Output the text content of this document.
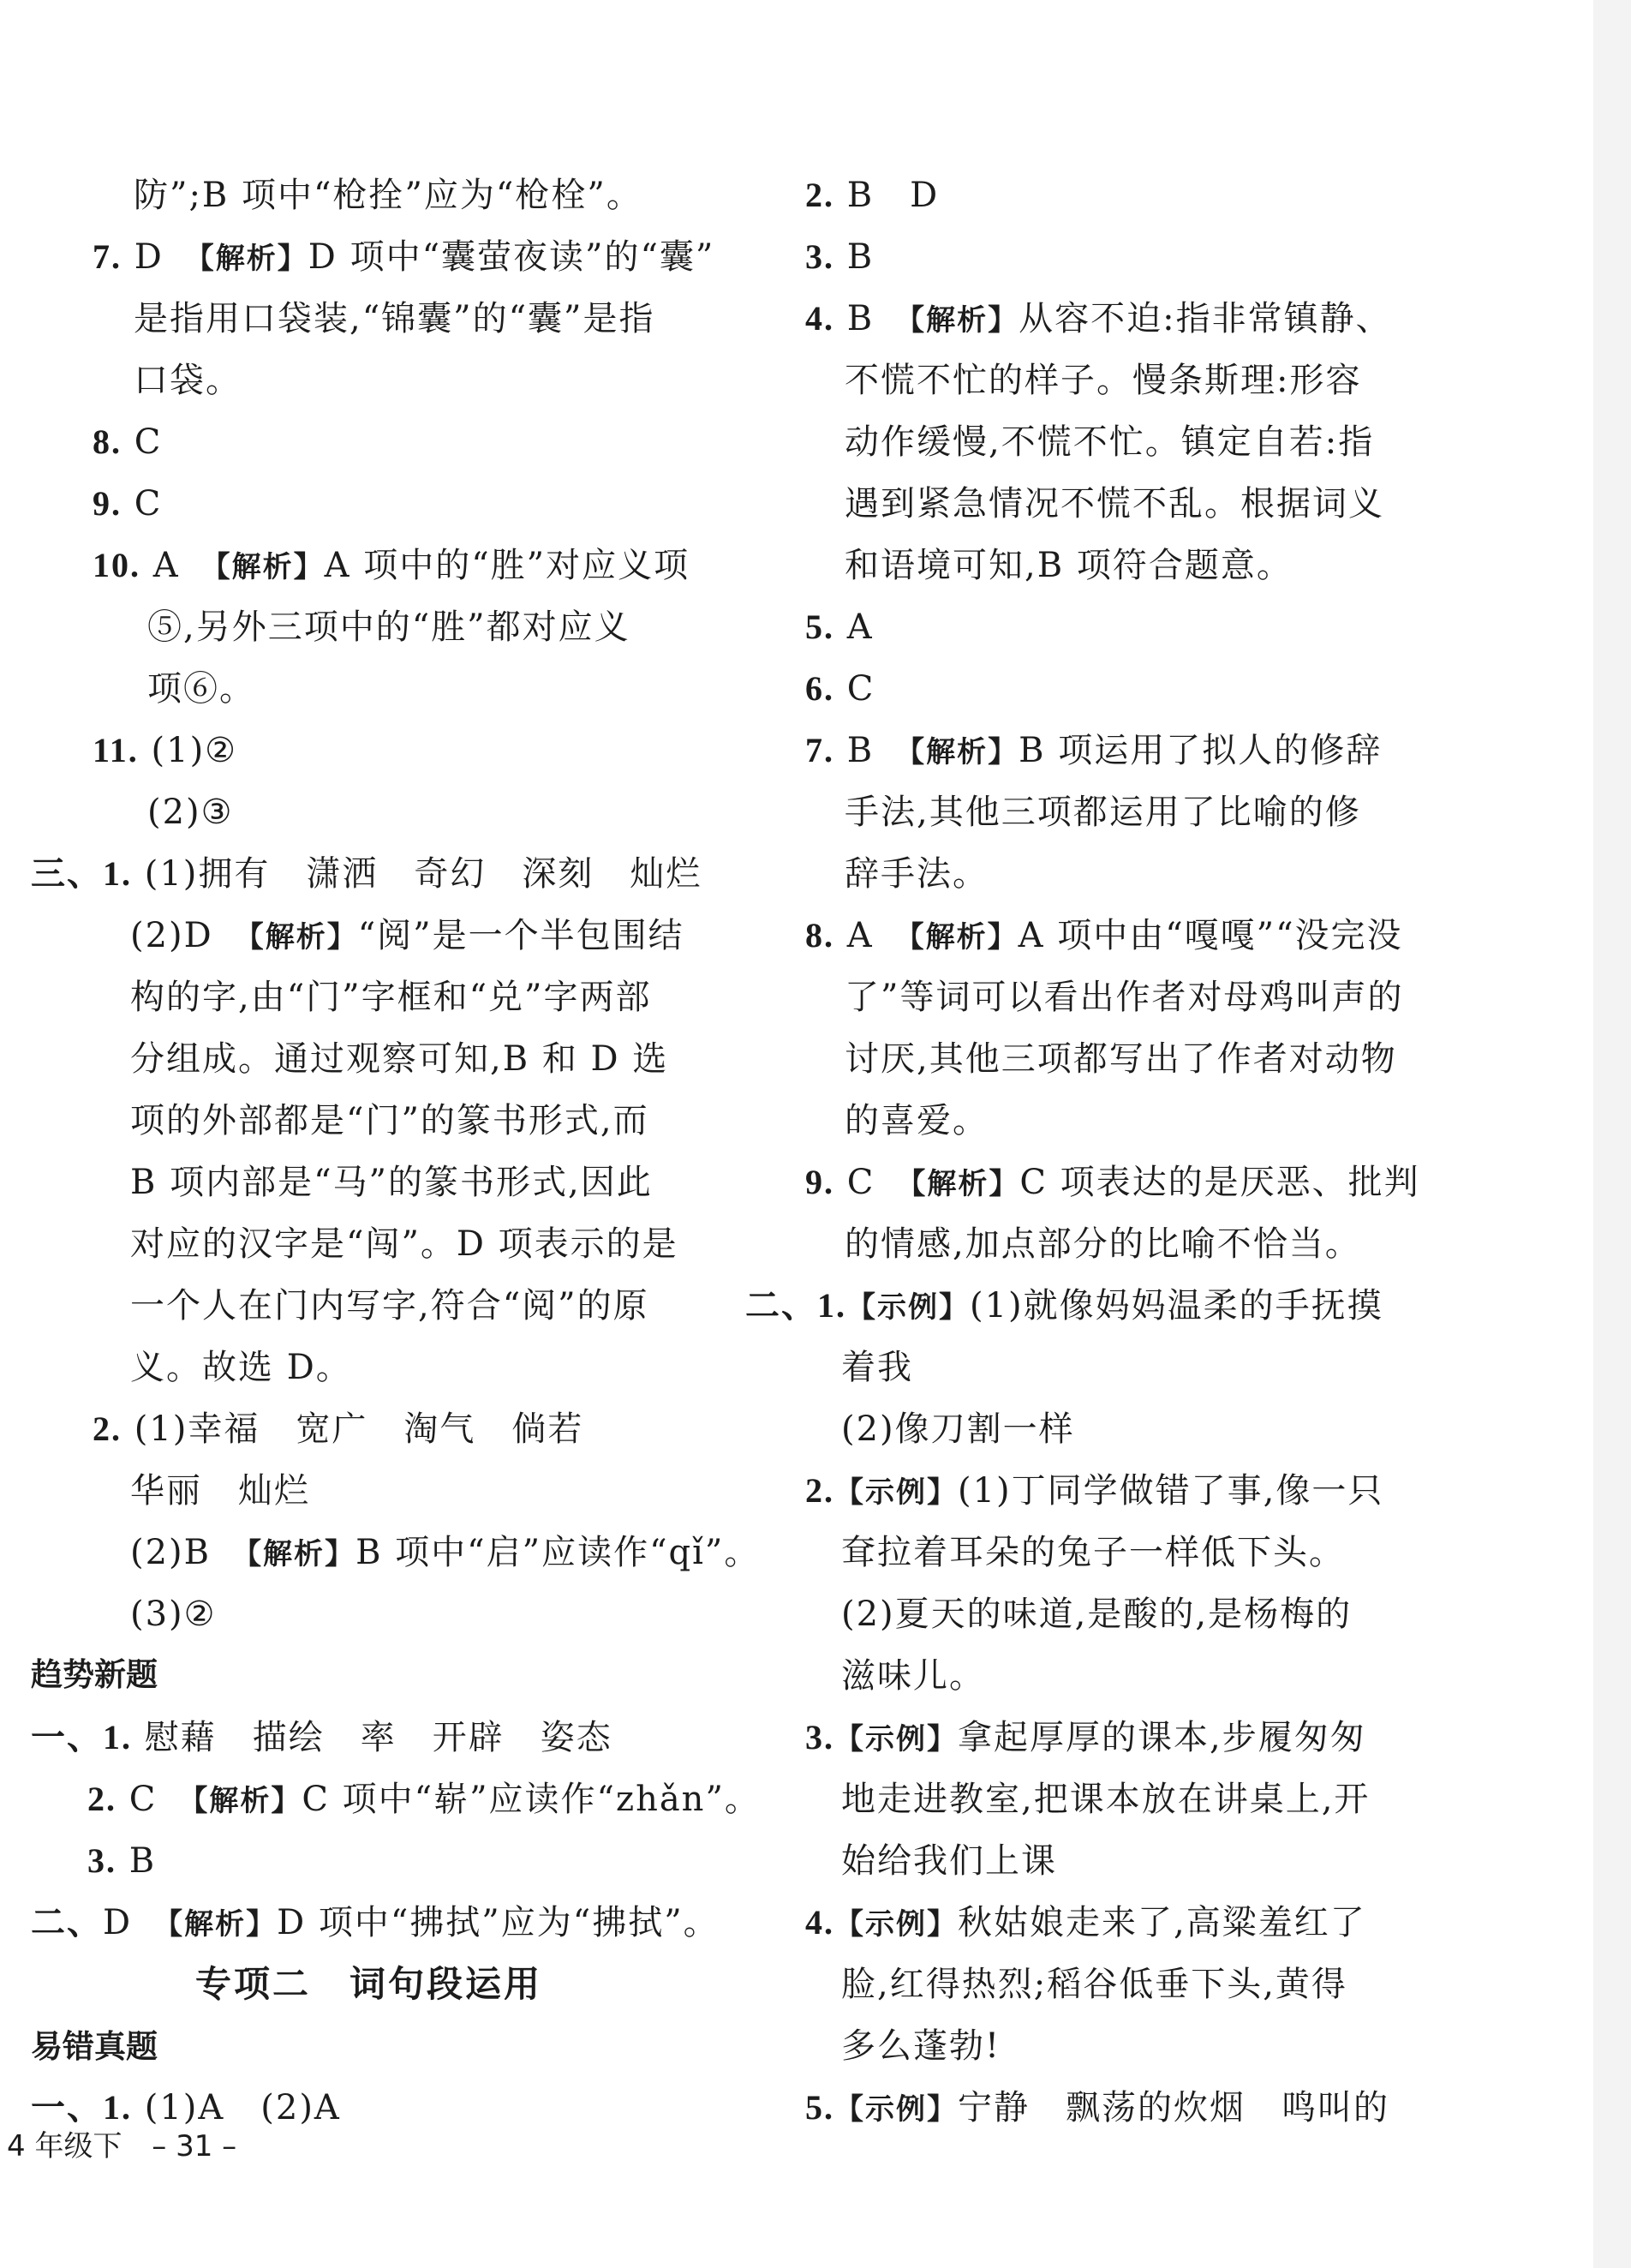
防”;B 项中“枪拴”应为“枪栓”。
7. D　【解析】D 项中“囊萤夜读”的“囊”
是指用口袋装,“锦囊”的“囊”是指
口袋。
8. C
9. C
10. A　【解析】A 项中的“胜”对应义项
⑤,另外三项中的“胜”都对应义
项⑥。
11. (1)②
(2)③
三、1. (1)拥有　潇洒　奇幻　深刻　灿烂
(2)D　【解析】“阅”是一个半包围结
构的字,由“门”字框和“兑”字两部
分组成。通过观察可知,B 和 D 选
项的外部都是“门”的篆书形式,而
B 项内部是“马”的篆书形式,因此
对应的汉字是“闯”。D 项表示的是
一个人在门内写字,符合“阅”的原
义。故选 D。
2. (1)幸福　宽广　淘气　倘若
华丽　灿烂
(2)B　【解析】B 项中“启”应读作“qǐ”。
(3)②
趋势新题
一、1. 慰藉　描绘　率　开辟　姿态
2. C　【解析】C 项中“崭”应读作“zhǎn”。
3. B
二、D　【解析】D 项中“拂拭”应为“拂拭”。
专项二　词句段运用
易错真题
一、1. (1)A　(2)A
2. B　D
3. B
4. B　【解析】从容不迫:指非常镇静、
不慌不忙的样子。慢条斯理:形容
动作缓慢,不慌不忙。镇定自若:指
遇到紧急情况不慌不乱。根据词义
和语境可知,B 项符合题意。
5. A
6. C
7. B　【解析】B 项运用了拟人的修辞
手法,其他三项都运用了比喻的修
辞手法。
8. A　【解析】A 项中由“嘎嘎”“没完没
了”等词可以看出作者对母鸡叫声的
讨厌,其他三项都写出了作者对动物
的喜爱。
9. C　【解析】C 项表达的是厌恶、批判
的情感,加点部分的比喻不恰当。
二、1.【示例】(1)就像妈妈温柔的手抚摸
着我
(2)像刀割一样
2.【示例】(1)丁同学做错了事,像一只
耷拉着耳朵的兔子一样低下头。
(2)夏天的味道,是酸的,是杨梅的
滋味儿。
3.【示例】拿起厚厚的课本,步履匆匆
地走进教室,把课本放在讲桌上,开
始给我们上课
4.【示例】秋姑娘走来了,高粱羞红了
脸,红得热烈;稻谷低垂下头,黄得
多么蓬勃!
5.【示例】宁静　飘荡的炊烟　鸣叫的
4 年级下 – 31 –
